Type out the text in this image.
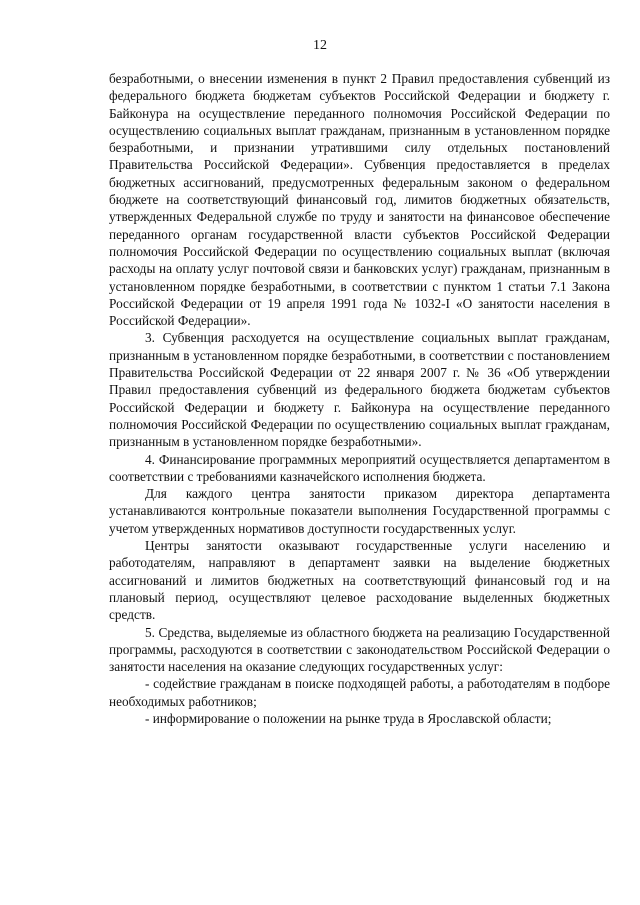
12

безработными, о внесении изменения в пункт 2 Правил предоставления субвенций из федерального бюджета бюджетам субъектов Российской Федерации и бюджету г. Байконура на осуществление переданного полномочия Российской Федерации по осуществлению социальных выплат гражданам, признанным в установленном порядке безработными, и признании утратившими силу отдельных постановлений Правительства Российской Федерации». Субвенция предоставляется в пределах бюджетных ассигнований, предусмотренных федеральным законом о федеральном бюджете на соответствующий финансовый год, лимитов бюджетных обязательств, утвержденных Федеральной службе по труду и занятости на финансовое обеспечение переданного органам государственной власти субъектов Российской Федерации полномочия Российской Федерации по осуществлению социальных выплат (включая расходы на оплату услуг почтовой связи и банковских услуг) гражданам, признанным в установленном порядке безработными, в соответствии с пунктом 1 статьи 7.1 Закона Российской Федерации от 19 апреля 1991 года № 1032-I «О занятости населения в Российской Федерации».

3. Субвенция расходуется на осуществление социальных выплат гражданам, признанным в установленном порядке безработными, в соответствии с постановлением Правительства Российской Федерации от 22 января 2007 г. № 36 «Об утверждении Правил предоставления субвенций из федерального бюджета бюджетам субъектов Российской Федерации и бюджету г. Байконура на осуществление переданного полномочия Российской Федерации по осуществлению социальных выплат гражданам, признанным в установленном порядке безработными».

4. Финансирование программных мероприятий осуществляется департаментом в соответствии с требованиями казначейского исполнения бюджета.

Для каждого центра занятости приказом директора департамента устанавливаются контрольные показатели выполнения Государственной программы с учетом утвержденных нормативов доступности государственных услуг.

Центры занятости оказывают государственные услуги населению и работодателям, направляют в департамент заявки на выделение бюджетных ассигнований и лимитов бюджетных на соответствующий финансовый год и на плановый период, осуществляют целевое расходование выделенных бюджетных средств.

5. Средства, выделяемые из областного бюджета на реализацию Государственной программы, расходуются в соответствии с законодательством Российской Федерации о занятости населения на оказание следующих государственных услуг:

- содействие гражданам в поиске подходящей работы, а работодателям в подборе необходимых работников;

- информирование о положении на рынке труда в Ярославской области;
